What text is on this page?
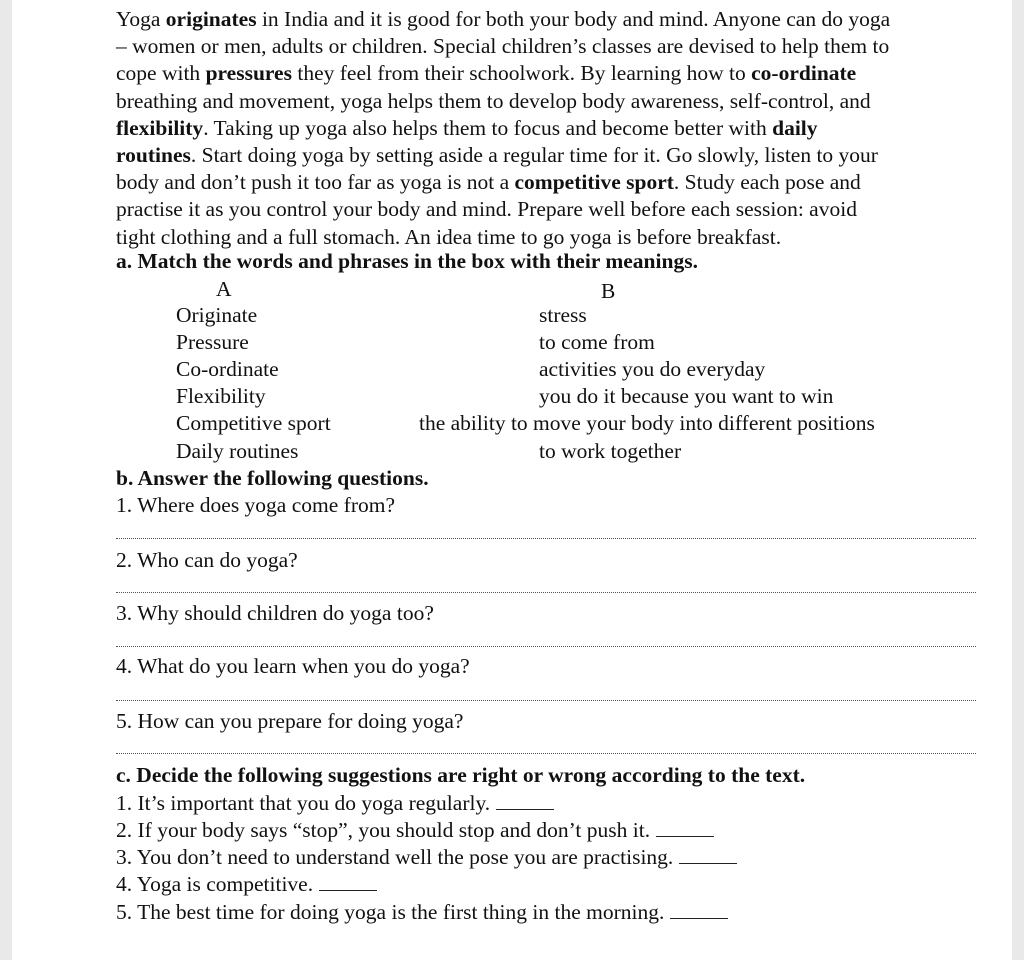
Yoga originates in India and it is good for both your body and mind. Anyone can do yoga
– women or men, adults or children. Special children’s classes are devised to help them to
cope with pressures they feel from their schoolwork. By learning how to co-ordinate
breathing and movement, yoga helps them to develop body awareness, self-control, and
flexibility. Taking up yoga also helps them to focus and become better with daily
routines. Start doing yoga by setting aside a regular time for it. Go slowly, listen to your
body and don’t push it too far as yoga is not a competitive sport. Study each pose and
practise it as you control your body and mind. Prepare well before each session: avoid
tight clothing and a full stomach. An idea time to go yoga is before breakfast.
a. Match the words and phrases in the box with their meanings.
A	B
Originate
Pressure
Co-ordinate
Flexibility
Competitive sport
Daily routines
stress
to come from
activities you do everyday
you do it because you want to win
the ability to move your body into different positions
to work together
b. Answer the following questions.
1. Where does yoga come from?
2. Who can do yoga?
3. Why should children do yoga too?
4. What do you learn when you do yoga?
5. How can you prepare for doing yoga?
c. Decide the following suggestions are right or wrong according to the text.
1. It’s important that you do yoga regularly.
2. If your body says “stop”, you should stop and don’t push it.
3. You don’t need to understand well the pose you are practising.
4. Yoga is competitive.
5. The best time for doing yoga is the first thing in the morning.
